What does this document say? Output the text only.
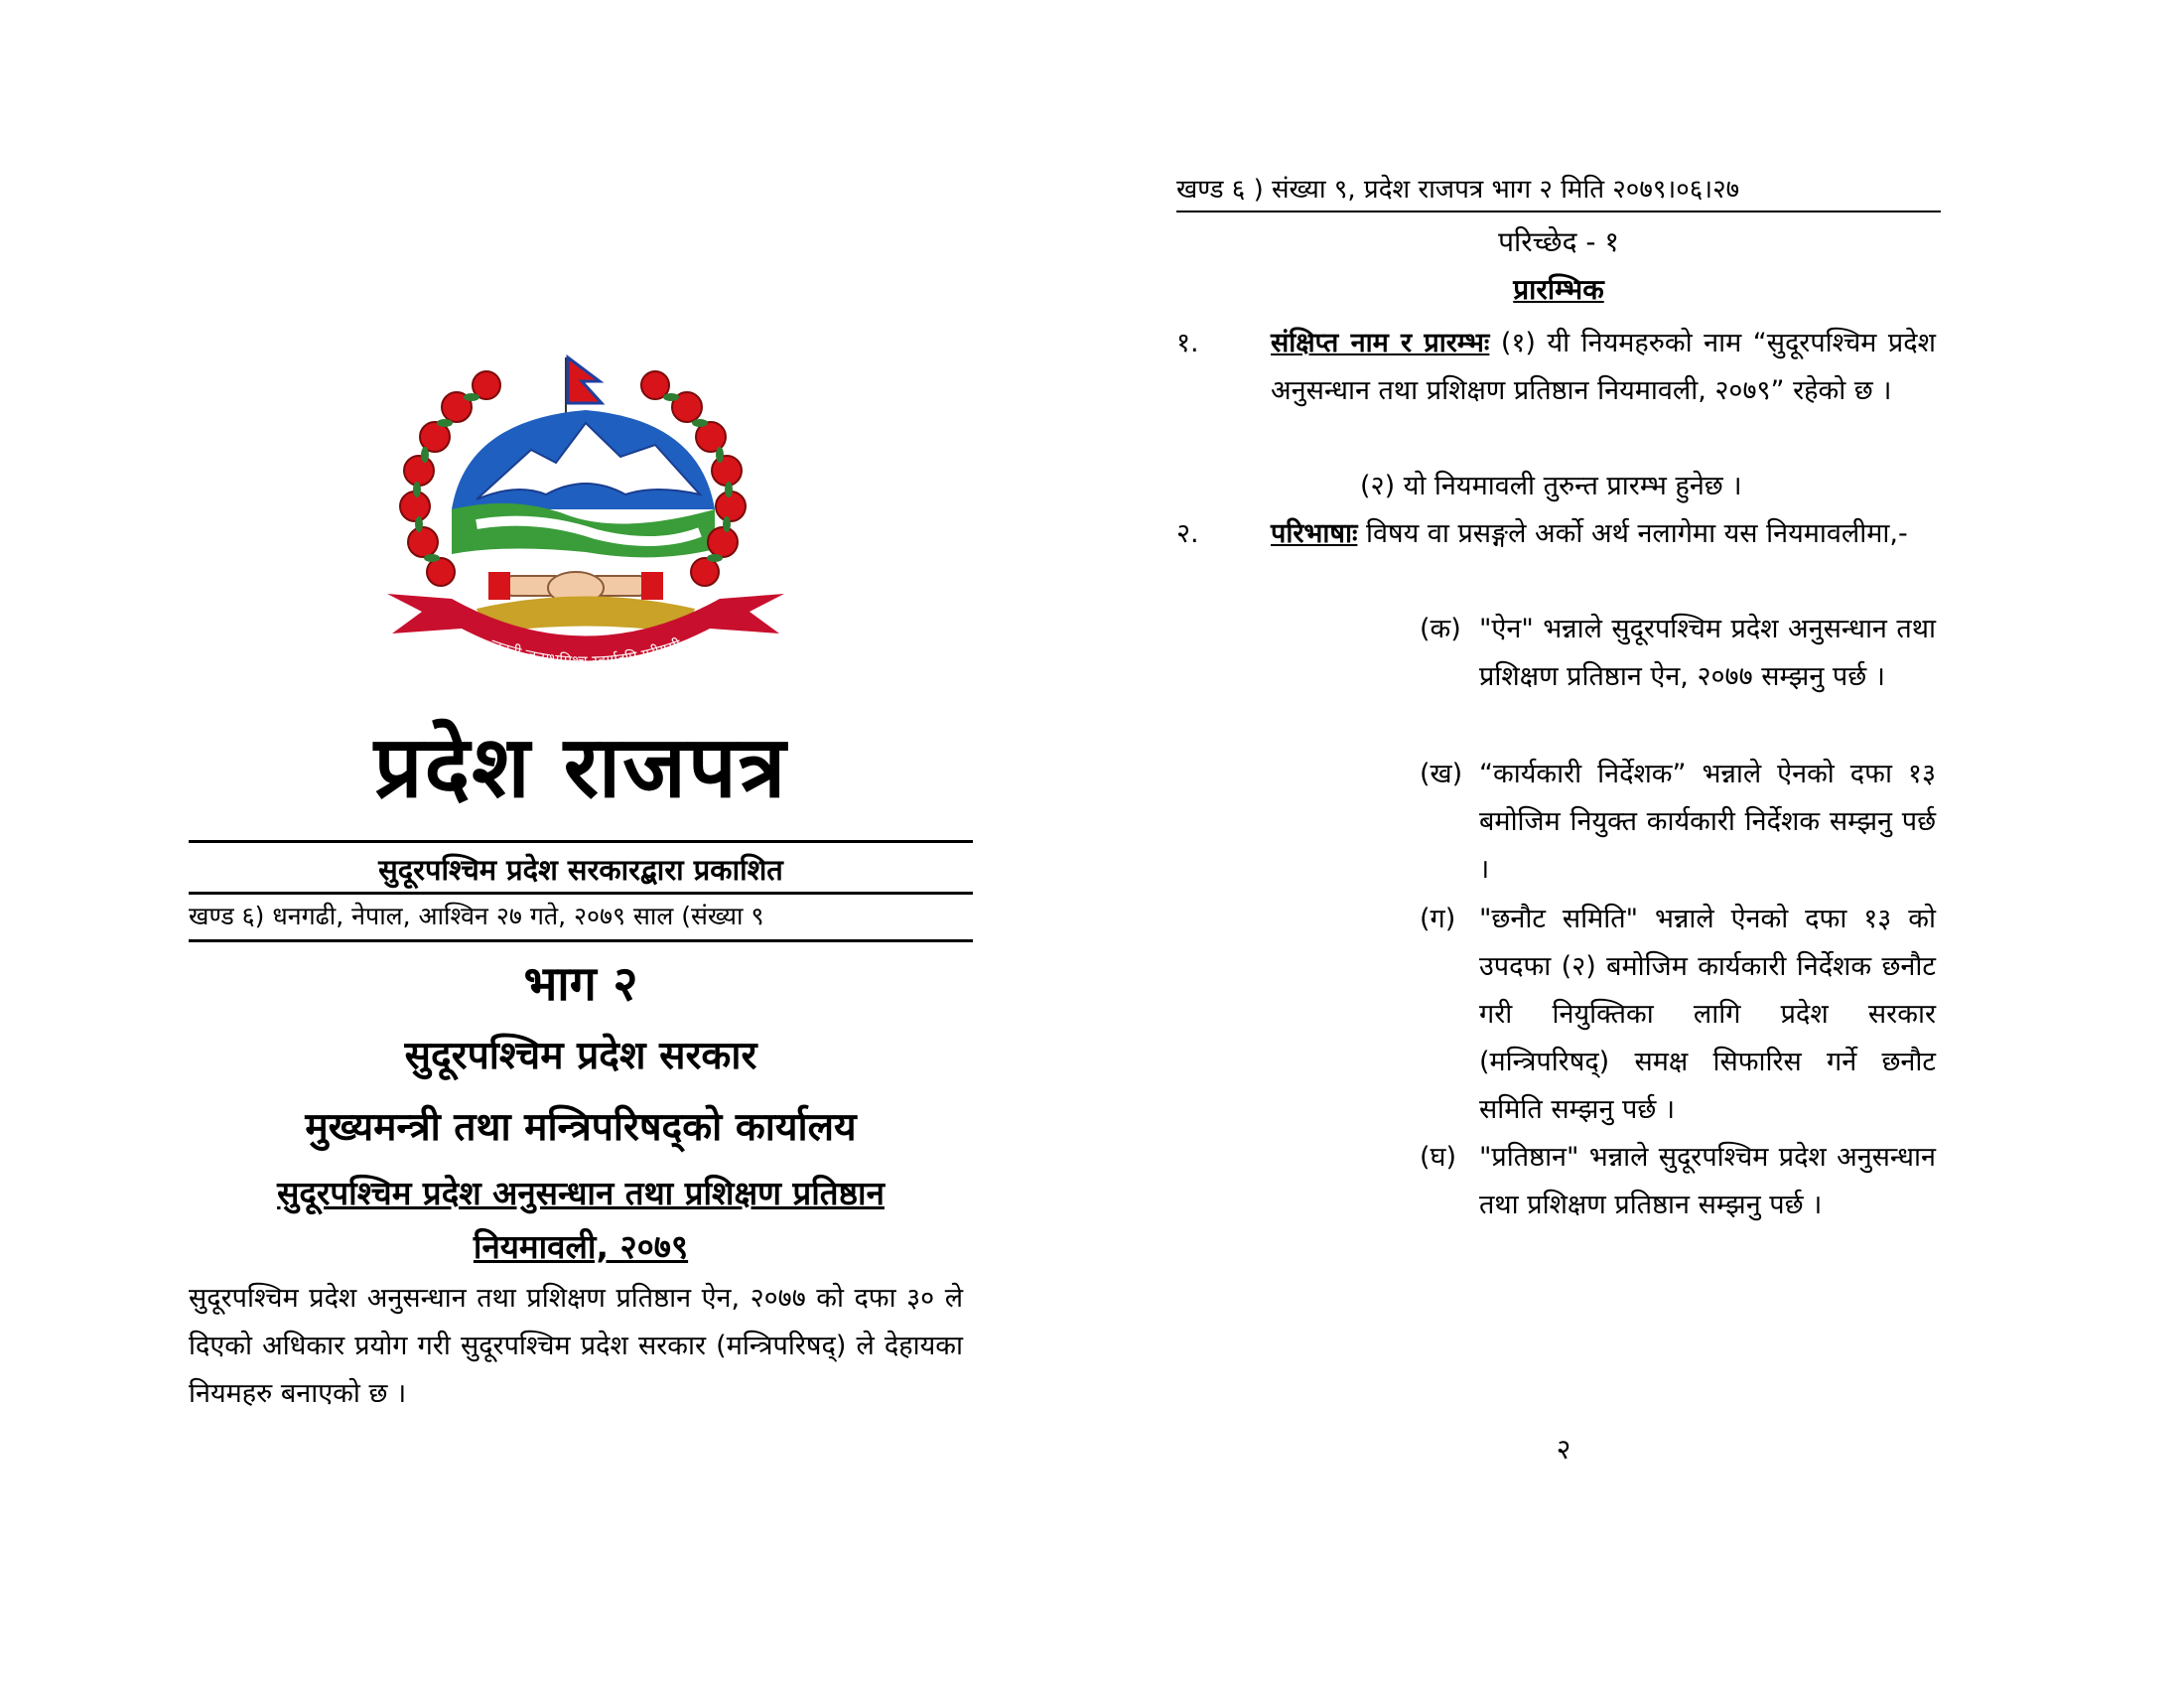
जननी जन्मभूमिश्च स्वर्गादपि गरीयसी
प्रदेश राजपत्र
सुदूरपश्चिम प्रदेश सरकारद्बारा प्रकाशित
खण्ड ६) धनगढी, नेपाल, आश्विन २७ गते, २०७९ साल (संख्या ९
भाग २
सुदूरपश्चिम प्रदेश सरकार
मुख्यमन्त्री तथा मन्त्रिपरिषद्को कार्यालय
सुदूरपश्चिम प्रदेश अनुसन्धान तथा प्रशिक्षण प्रतिष्ठान
नियमावली, २०७९
सुदूरपश्चिम प्रदेश अनुसन्धान तथा प्रशिक्षण प्रतिष्ठान ऐन, २०७७ को दफा ३० ले दिएको अधिकार प्रयोग गरी सुदूरपश्चिम प्रदेश सरकार (मन्त्रिपरिषद्) ले देहायका नियमहरु बनाएको छ ।
खण्ड ६ ) संख्या ९, प्रदेश राजपत्र भाग २ मिति २०७९।०६।२७
परिच्छेद - १
प्रारम्भिक
१.	संक्षिप्त नाम र प्रारम्भः (१) यी नियमहरुको नाम “सुदूरपश्चिम प्रदेश अनुसन्धान तथा प्रशिक्षण प्रतिष्ठान नियमावली, २०७९” रहेको छ ।
(२) यो नियमावली तुरुन्त प्रारम्भ हुनेछ ।
२.	परिभाषाः विषय वा प्रसङ्गले अर्को अर्थ नलागेमा यस नियमावलीमा,-
(क) "ऐन" भन्नाले सुदूरपश्चिम प्रदेश अनुसन्धान तथा प्रशिक्षण प्रतिष्ठान ऐन, २०७७ सम्झनु पर्छ ।
(ख) “कार्यकारी निर्देशक” भन्नाले ऐनको दफा १३ बमोजिम नियुक्त कार्यकारी निर्देशक सम्झनु पर्छ ।
(ग) "छनौट समिति" भन्नाले ऐनको दफा १३ को उपदफा (२) बमोजिम कार्यकारी निर्देशक छनौट गरी नियुक्तिका लागि प्रदेश सरकार (मन्त्रिपरिषद्) समक्ष सिफारिस गर्ने छनौट समिति सम्झनु पर्छ ।
(घ) "प्रतिष्ठान" भन्नाले सुदूरपश्चिम प्रदेश अनुसन्धान तथा प्रशिक्षण प्रतिष्ठान सम्झनु पर्छ ।
२
